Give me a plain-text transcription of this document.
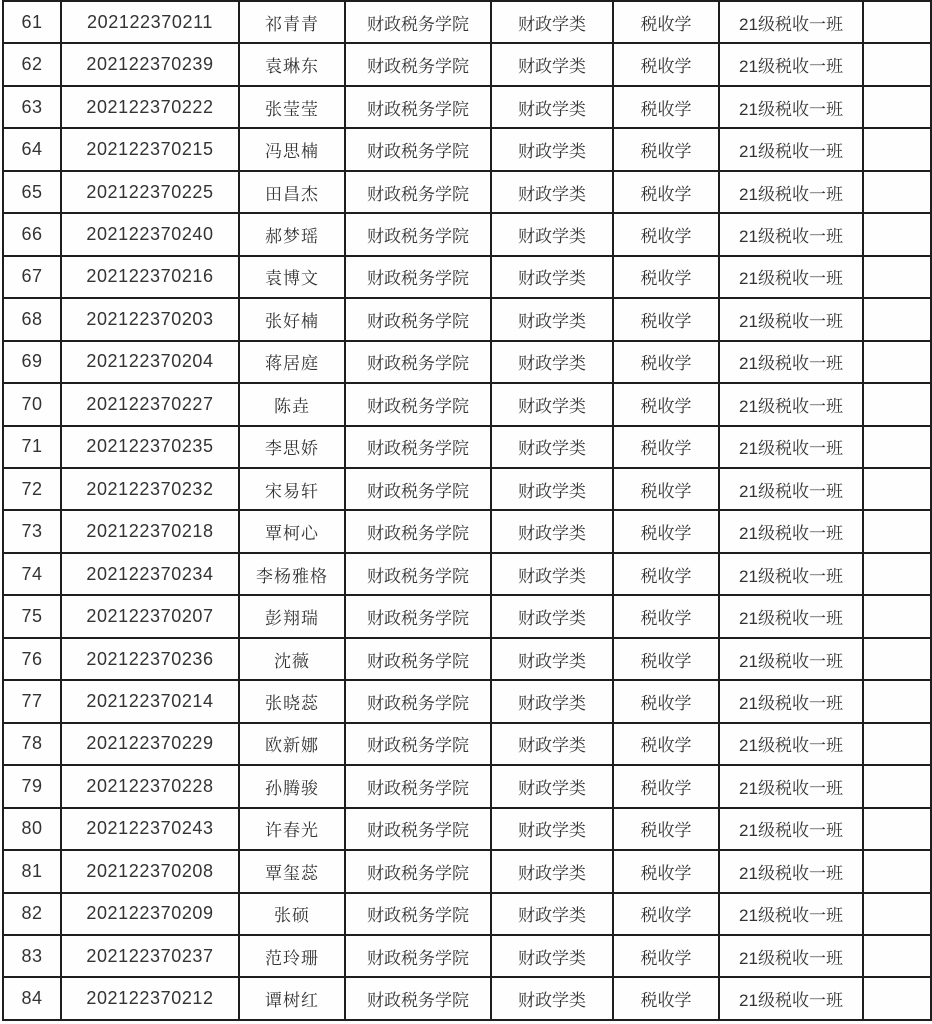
61	202122370211	祁青青	财政税务学院	财政学类	税收学	21级税收一班	
62	202122370239	袁琳东	财政税务学院	财政学类	税收学	21级税收一班	
63	202122370222	张莹莹	财政税务学院	财政学类	税收学	21级税收一班	
64	202122370215	冯思楠	财政税务学院	财政学类	税收学	21级税收一班	
65	202122370225	田昌杰	财政税务学院	财政学类	税收学	21级税收一班	
66	202122370240	郝梦瑶	财政税务学院	财政学类	税收学	21级税收一班	
67	202122370216	袁博文	财政税务学院	财政学类	税收学	21级税收一班	
68	202122370203	张好楠	财政税务学院	财政学类	税收学	21级税收一班	
69	202122370204	蒋居庭	财政税务学院	财政学类	税收学	21级税收一班	
70	202122370227	陈垚	财政税务学院	财政学类	税收学	21级税收一班	
71	202122370235	李思娇	财政税务学院	财政学类	税收学	21级税收一班	
72	202122370232	宋易轩	财政税务学院	财政学类	税收学	21级税收一班	
73	202122370218	覃柯心	财政税务学院	财政学类	税收学	21级税收一班	
74	202122370234	李杨雅格	财政税务学院	财政学类	税收学	21级税收一班	
75	202122370207	彭翔瑞	财政税务学院	财政学类	税收学	21级税收一班	
76	202122370236	沈薇	财政税务学院	财政学类	税收学	21级税收一班	
77	202122370214	张晓蕊	财政税务学院	财政学类	税收学	21级税收一班	
78	202122370229	欧新娜	财政税务学院	财政学类	税收学	21级税收一班	
79	202122370228	孙腾骏	财政税务学院	财政学类	税收学	21级税收一班	
80	202122370243	许春光	财政税务学院	财政学类	税收学	21级税收一班	
81	202122370208	覃玺蕊	财政税务学院	财政学类	税收学	21级税收一班	
82	202122370209	张硕	财政税务学院	财政学类	税收学	21级税收一班	
83	202122370237	范玲珊	财政税务学院	财政学类	税收学	21级税收一班	
84	202122370212	谭树红	财政税务学院	财政学类	税收学	21级税收一班	
